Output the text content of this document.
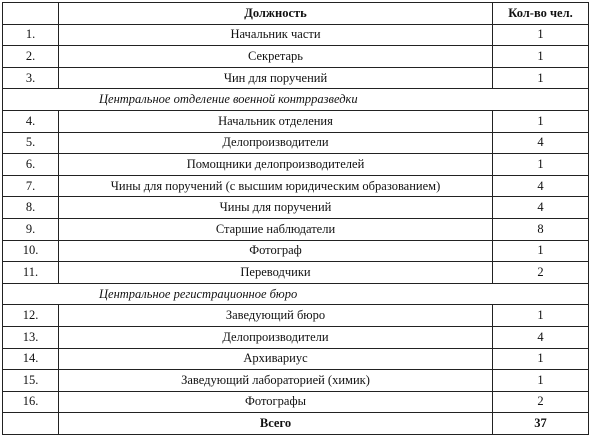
	Должность	Кол-во чел.
1.	Начальник части	1
2.	Секретарь	1
3.	Чин для поручений	1
Центральное отделение военной контрразведки		
4.	Начальник отделения	1
5.	Делопроизводители	4
6.	Помощники делопроизводителей	1
7.	Чины для поручений (с высшим юридическим образованием)	4
8.	Чины для поручений	4
9.	Старшие наблюдатели	8
10.	Фотограф	1
11.	Переводчики	2
Центральное регистрационное бюро		
12.	Заведующий бюро	1
13.	Делопроизводители	4
14.	Архивариус	1
15.	Заведующий лабораторией (химик)	1
16.	Фотографы	2
	Всего	37
